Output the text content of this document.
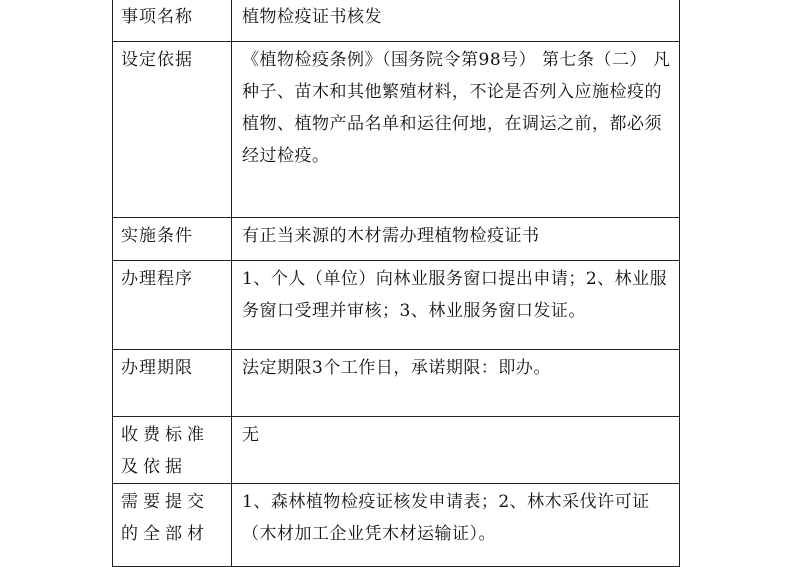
事项名称	植物检疫证书核发
设定依据	《植物检疫条例》（国务院令第98号） 第七条（二） 凡种子、苗木和其他繁殖材料，不论是否列入应施检疫的植物、植物产品名单和运往何地，在调运之前，都必须经过检疫。
实施条件	有正当来源的木材需办理植物检疫证书
办理程序	1、个人（单位）向林业服务窗口提出申请；2、林业服务窗口受理并审核；3、林业服务窗口发证。
办理期限	法定期限3个工作日，承诺期限：即办。
收费标准及依据	无
需要提交的全部材	1、森林植物检疫证核发申请表；2、林木采伐许可证（木材加工企业凭木材运输证）。
